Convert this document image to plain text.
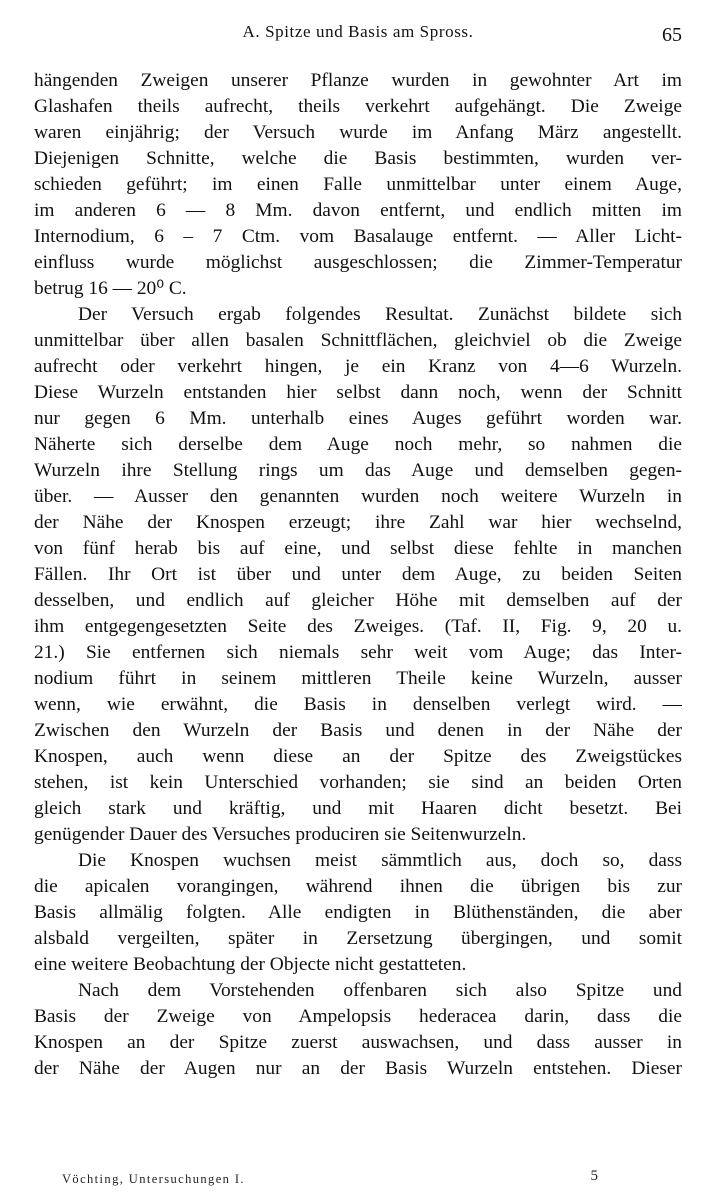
A. Spitze und Basis am Spross.	65
hängenden Zweigen unserer Pflanze wurden in gewohnter Art im
Glashafen theils aufrecht, theils verkehrt aufgehängt. Die Zweige
waren einjährig; der Versuch wurde im Anfang März angestellt.
Diejenigen Schnitte, welche die Basis bestimmten, wurden ver-
schieden geführt; im einen Falle unmittelbar unter einem Auge,
im anderen 6 — 8 Mm. davon entfernt, und endlich mitten im
Internodium, 6 – 7 Ctm. vom Basalauge entfernt. — Aller Licht-
einfluss wurde möglichst ausgeschlossen; die Zimmer-Temperatur
betrug 16 — 20⁰ C.
Der Versuch ergab folgendes Resultat. Zunächst bildete sich
unmittelbar über allen basalen Schnittflächen, gleichviel ob die Zweige
aufrecht oder verkehrt hingen, je ein Kranz von 4—6 Wurzeln.
Diese Wurzeln entstanden hier selbst dann noch, wenn der Schnitt
nur gegen 6 Mm. unterhalb eines Auges geführt worden war.
Näherte sich derselbe dem Auge noch mehr, so nahmen die
Wurzeln ihre Stellung rings um das Auge und demselben gegen-
über. — Ausser den genannten wurden noch weitere Wurzeln in
der Nähe der Knospen erzeugt; ihre Zahl war hier wechselnd,
von fünf herab bis auf eine, und selbst diese fehlte in manchen
Fällen. Ihr Ort ist über und unter dem Auge, zu beiden Seiten
desselben, und endlich auf gleicher Höhe mit demselben auf der
ihm entgegengesetzten Seite des Zweiges. (Taf. II, Fig. 9, 20 u.
21.) Sie entfernen sich niemals sehr weit vom Auge; das Inter-
nodium führt in seinem mittleren Theile keine Wurzeln, ausser
wenn, wie erwähnt, die Basis in denselben verlegt wird. —
Zwischen den Wurzeln der Basis und denen in der Nähe der
Knospen, auch wenn diese an der Spitze des Zweigstückes
stehen, ist kein Unterschied vorhanden; sie sind an beiden Orten
gleich stark und kräftig, und mit Haaren dicht besetzt. Bei
genügender Dauer des Versuches produciren sie Seitenwurzeln.
Die Knospen wuchsen meist sämmtlich aus, doch so, dass
die apicalen vorangingen, während ihnen die übrigen bis zur
Basis allmälig folgten. Alle endigten in Blüthenständen, die aber
alsbald vergeilten, später in Zersetzung übergingen, und somit
eine weitere Beobachtung der Objecte nicht gestatteten.
Nach dem Vorstehenden offenbaren sich also Spitze und
Basis der Zweige von Ampelopsis hederacea darin, dass die
Knospen an der Spitze zuerst auswachsen, und dass ausser in
der Nähe der Augen nur an der Basis Wurzeln entstehen. Dieser
Vöchting, Untersuchungen I.	5
